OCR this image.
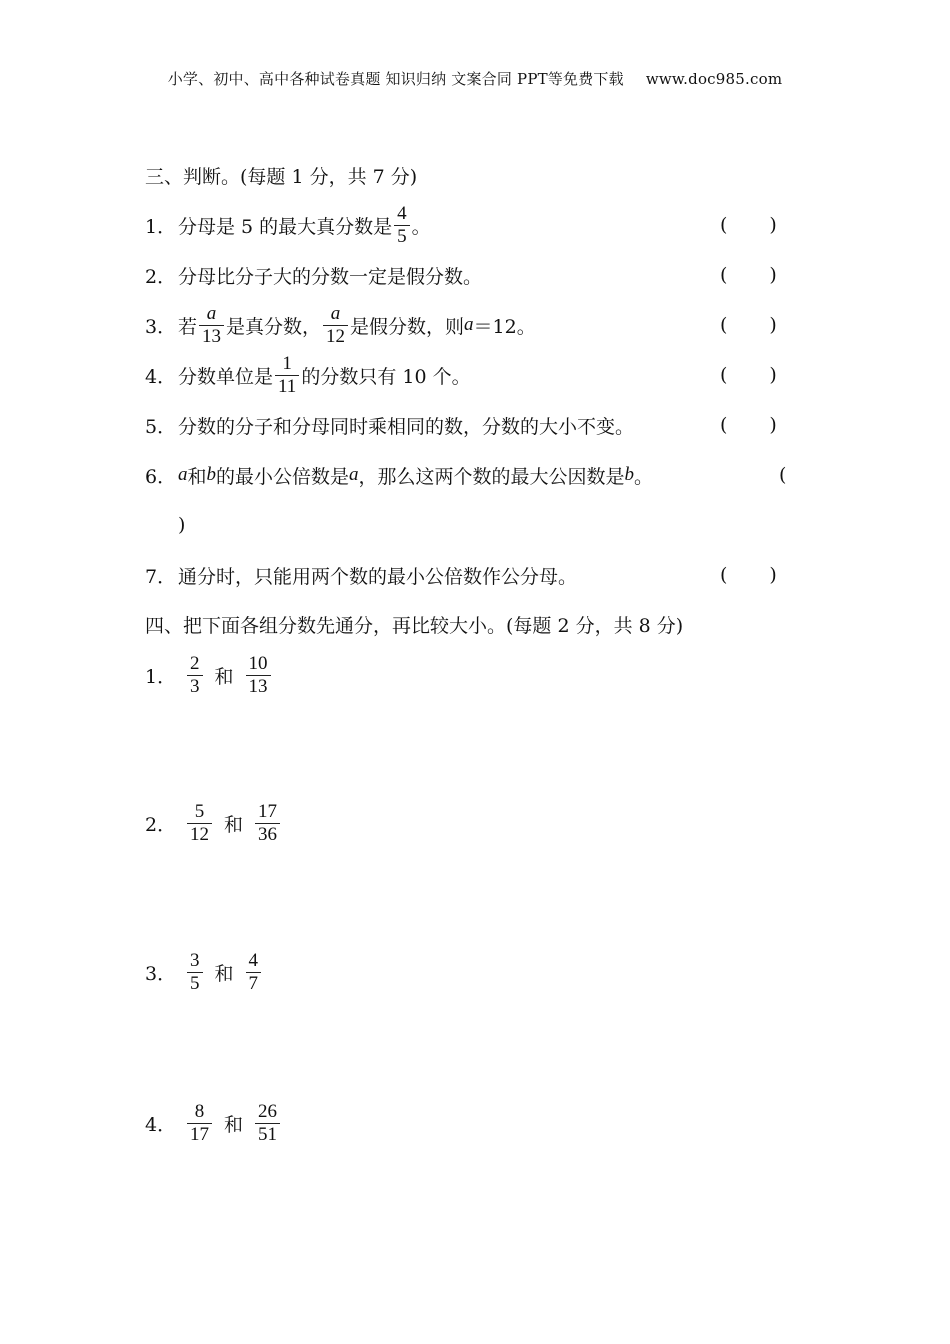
小学、初中、高中各种试卷真题 知识归纳 文案合同 PPT等免费下载 www.doc985.com
三、判断。(每题 1 分，共 7 分)
1． 分母是 5 的最大真分数是 $\frac{4}{5}$ 。	( )
2． 分母比分子大的分数一定是假分数。	( )
3． 若 $\frac{a}{13}$ 是真分数， $\frac{a}{12}$ 是假分数，则 a ＝12。	( )
4． 分数单位是 $\frac{1}{11}$ 的分数只有 10 个。	( )
5． 分数的分子和分母同时乘相同的数，分数的大小不变。	( )
6． a 和 b 的最小公倍数是 a ，那么这两个数的最大公因数是 b 。	(
)
7． 通分时，只能用两个数的最小公倍数作公分母。	( )
四、把下面各组分数先通分，再比较大小。(每题 2 分，共 8 分)
1． $\frac{2}{3}$ 和 $\frac{10}{13}$
2． $\frac{5}{12}$ 和 $\frac{17}{36}$
3． $\frac{3}{5}$ 和 $\frac{4}{7}$
4． $\frac{8}{17}$ 和 $\frac{26}{51}$
